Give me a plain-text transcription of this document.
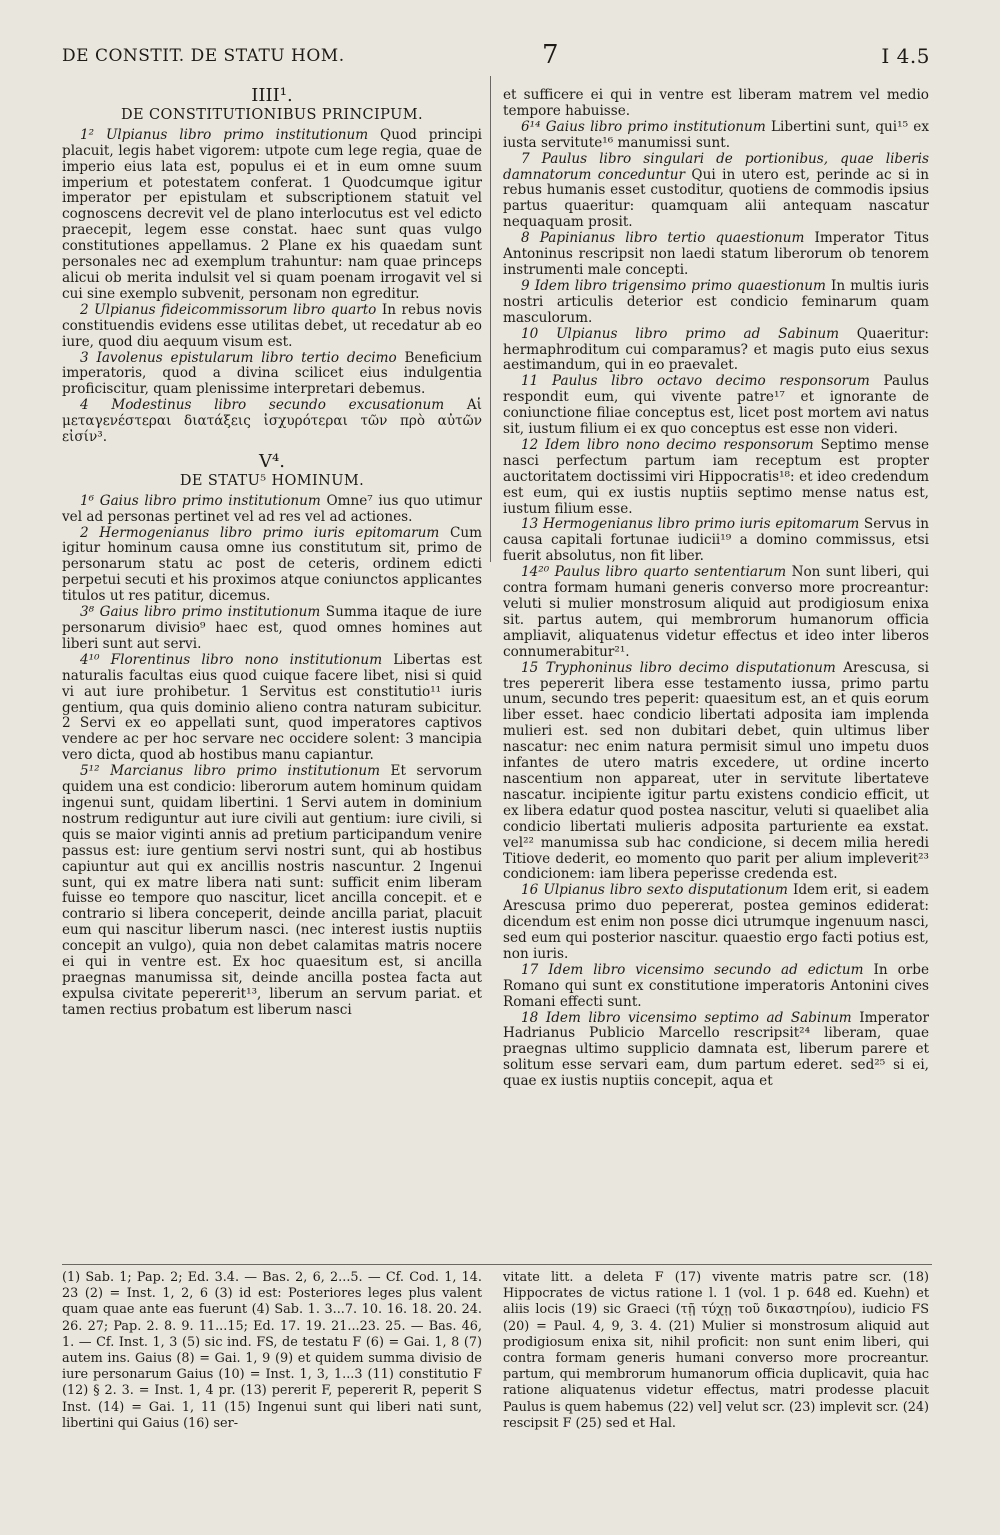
DE CONSTIT. DE STATU HOM.	7	I 4.5
IIII¹.
DE CONSTITUTIONIBUS PRINCIPUM.

1² Ulpianus libro primo institutionum Quod principi placuit, legis habet vigorem: utpote cum lege regia, quae de imperio eius lata est, populus ei et in eum omne suum imperium et potestatem conferat. 1 Quodcumque igitur imperator per epistulam et subscriptionem statuit vel cognoscens decrevit vel de plano interlocutus est vel edicto praecepit, legem esse constat. haec sunt quas vulgo constitutiones appellamus. 2 Plane ex his quaedam sunt personales nec ad exemplum trahuntur: nam quae princeps alicui ob merita indulsit vel si quam poenam irrogavit vel si cui sine exemplo subvenit, personam non egreditur.

2 Ulpianus fideicommissorum libro quarto In rebus novis constituendis evidens esse utilitas debet, ut recedatur ab eo iure, quod diu aequum visum est.

3 Iavolenus epistularum libro tertio decimo Beneficium imperatoris, quod a divina scilicet eius indulgentia proficiscitur, quam plenissime interpretari debemus.

4 Modestinus libro secundo excusationum Αἱ μεταγενέστεραι διατάξεις ἰσχυρότεραι τῶν πρὸ αὐτῶν εἰσίν³.

V⁴.
DE STATU⁵ HOMINUM.

1⁶ Gaius libro primo institutionum Omne⁷ ius quo utimur vel ad personas pertinet vel ad res vel ad actiones.

2 Hermogenianus libro primo iuris epitomarum Cum igitur hominum causa omne ius constitutum sit, primo de personarum statu ac post de ceteris, ordinem edicti perpetui secuti et his proximos atque coniunctos applicantes titulos ut res patitur, dicemus.

3⁸ Gaius libro primo institutionum Summa itaque de iure personarum divisio⁹ haec est, quod omnes homines aut liberi sunt aut servi.

4¹⁰ Florentinus libro nono institutionum Libertas est naturalis facultas eius quod cuique facere libet, nisi si quid vi aut iure prohibetur. 1 Servitus est constitutio¹¹ iuris gentium, qua quis dominio alieno contra naturam subicitur. 2 Servi ex eo appellati sunt, quod imperatores captivos vendere ac per hoc servare nec occidere solent: 3 mancipia vero dicta, quod ab hostibus manu capiantur.

5¹² Marcianus libro primo institutionum Et servorum quidem una est condicio: liberorum autem hominum quidam ingenui sunt, quidam libertini. 1 Servi autem in dominium nostrum rediguntur aut iure civili aut gentium: iure civili, si quis se maior viginti annis ad pretium participandum venire passus est: iure gentium servi nostri sunt, qui ab hostibus capiuntur aut qui ex ancillis nostris nascuntur. 2 Ingenui sunt, qui ex matre libera nati sunt: sufficit enim liberam fuisse eo tempore quo nascitur, licet ancilla concepit. et e contrario si libera conceperit, deinde ancilla pariat, placuit eum qui nascitur liberum nasci. (nec interest iustis nuptiis concepit an vulgo), quia non debet calamitas matris nocere ei qui in ventre est. Ex hoc quaesitum est, si ancilla praegnas manumissa sit, deinde ancilla postea facta aut expulsa civitate pepererit¹³, liberum an servum pariat. et tamen rectius probatum est liberum nasci

et sufficere ei qui in ventre est liberam matrem vel medio tempore habuisse.

6¹⁴ Gaius libro primo institutionum Libertini sunt, qui¹⁵ ex iusta servitute¹⁶ manumissi sunt.

7 Paulus libro singulari de portionibus, quae liberis damnatorum conceduntur Qui in utero est, perinde ac si in rebus humanis esset custoditur, quotiens de commodis ipsius partus quaeritur: quamquam alii antequam nascatur nequaquam prosit.

8 Papinianus libro tertio quaestionum Imperator Titus Antoninus rescripsit non laedi statum liberorum ob tenorem instrumenti male concepti.

9 Idem libro trigensimo primo quaestionum In multis iuris nostri articulis deterior est condicio feminarum quam masculorum.

10 Ulpianus libro primo ad Sabinum Quaeritur: hermaphroditum cui comparamus? et magis puto eius sexus aestimandum, qui in eo praevalet.

11 Paulus libro octavo decimo responsorum Paulus respondit eum, qui vivente patre¹⁷ et ignorante de coniunctione filiae conceptus est, licet post mortem avi natus sit, iustum filium ei ex quo conceptus est esse non videri.

12 Idem libro nono decimo responsorum Septimo mense nasci perfectum partum iam receptum est propter auctoritatem doctissimi viri Hippocratis¹⁸: et ideo credendum est eum, qui ex iustis nuptiis septimo mense natus est, iustum filium esse.

13 Hermogenianus libro primo iuris epitomarum Servus in causa capitali fortunae iudicii¹⁹ a domino commissus, etsi fuerit absolutus, non fit liber.

14²⁰ Paulus libro quarto sententiarum Non sunt liberi, qui contra formam humani generis converso more procreantur: veluti si mulier monstrosum aliquid aut prodigiosum enixa sit. partus autem, qui membrorum humanorum officia ampliavit, aliquatenus videtur effectus et ideo inter liberos connumerabitur²¹.

15 Tryphoninus libro decimo disputationum Arescusa, si tres pepererit libera esse testamento iussa, primo partu unum, secundo tres peperit: quaesitum est, an et quis eorum liber esset. haec condicio libertati adposita iam implenda mulieri est. sed non dubitari debet, quin ultimus liber nascatur: nec enim natura permisit simul uno impetu duos infantes de utero matris excedere, ut ordine incerto nascentium non appareat, uter in servitute libertateve nascatur. incipiente igitur partu existens condicio efficit, ut ex libera edatur quod postea nascitur, veluti si quaelibet alia condicio libertati mulieris adposita parturiente ea exstat. vel²² manumissa sub hac condicione, si decem milia heredi Titiove dederit, eo momento quo parit per alium impleverit²³ condicionem: iam libera peperisse credenda est.

16 Ulpianus libro sexto disputationum Idem erit, si eadem Arescusa primo duo pepererat, postea geminos ediderat: dicendum est enim non posse dici utrumque ingenuum nasci, sed eum qui posterior nascitur. quaestio ergo facti potius est, non iuris.

17 Idem libro vicensimo secundo ad edictum In orbe Romano qui sunt ex constitutione imperatoris Antonini cives Romani effecti sunt.

18 Idem libro vicensimo septimo ad Sabinum Imperator Hadrianus Publicio Marcello rescripsit²⁴ liberam, quae praegnas ultimo supplicio damnata est, liberum parere et solitum esse servari eam, dum partum ederet. sed²⁵ si ei, quae ex iustis nuptiis concepit, aqua et

(1) Sab. 1; Pap. 2; Ed. 3.4. — Bas. 2, 6, 2...5. — Cf. Cod. 1, 14. 23 (2) = Inst. 1, 2, 6 (3) id est: Posteriores leges plus valent quam quae ante eas fuerunt (4) Sab. 1. 3...7. 10. 16. 18. 20. 24. 26. 27; Pap. 2. 8. 9. 11...15; Ed. 17. 19. 21...23. 25. — Bas. 46, 1. — Cf. Inst. 1, 3 (5) sic ind. FS, de testatu F (6) = Gai. 1, 8 (7) autem ins. Gaius (8) = Gai. 1, 9 (9) et quidem summa divisio de iure personarum Gaius (10) = Inst. 1, 3, 1...3 (11) constitutio F (12) § 2. 3. = Inst. 1, 4 pr. (13) pererit F, pepererit R, peperit S Inst. (14) = Gai. 1, 11 (15) Ingenui sunt qui liberi nati sunt, libertini qui Gaius (16) ser-
vitate litt. a deleta F (17) vivente matris patre scr. (18) Hippocrates de victus ratione l. 1 (vol. 1 p. 648 ed. Kuehn) et aliis locis (19) sic Graeci (τῇ τύχῃ τοῦ δικαστηρίου), iudicio FS (20) = Paul. 4, 9, 3. 4. (21) Mulier si monstrosum aliquid aut prodigiosum enixa sit, nihil proficit: non sunt enim liberi, qui contra formam generis humani converso more procreantur. partum, qui membrorum humanorum officia duplicavit, quia hac ratione aliquatenus videtur effectus, matri prodesse placuit Paulus is quem habemus (22) vel] velut scr. (23) implevit scr. (24) rescipsit F (25) sed et Hal.
